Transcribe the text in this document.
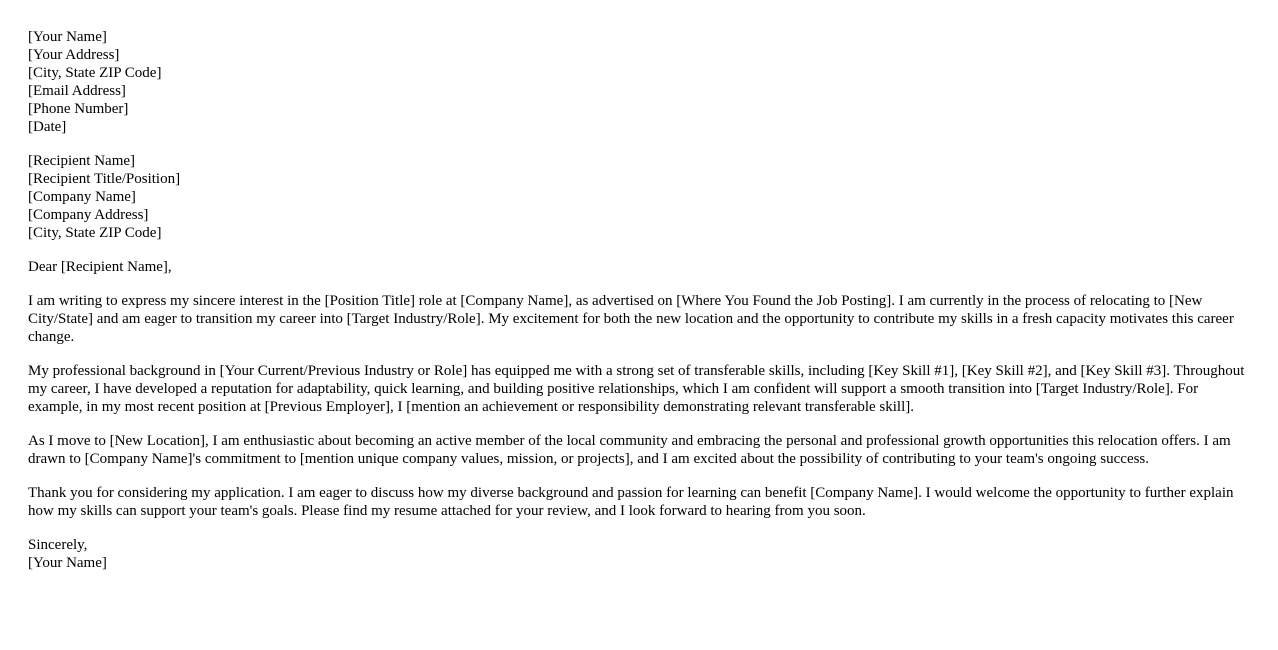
[Your Name]
[Your Address]
[City, State ZIP Code]
[Email Address]
[Phone Number]
[Date]
[Recipient Name]
[Recipient Title/Position]
[Company Name]
[Company Address]
[City, State ZIP Code]

Dear [Recipient Name],

I am writing to express my sincere interest in the [Position Title] role at [Company Name], as advertised on [Where You Found the Job Posting]. I am currently in the process of relocating to [New City/State] and am eager to transition my career into [Target Industry/Role]. My excitement for both the new location and the opportunity to contribute my skills in a fresh capacity motivates this career change.

My professional background in [Your Current/Previous Industry or Role] has equipped me with a strong set of transferable skills, including [Key Skill #1], [Key Skill #2], and [Key Skill #3]. Throughout my career, I have developed a reputation for adaptability, quick learning, and building positive relationships, which I am confident will support a smooth transition into [Target Industry/Role]. For example, in my most recent position at [Previous Employer], I [mention an achievement or responsibility demonstrating relevant transferable skill].

As I move to [New Location], I am enthusiastic about becoming an active member of the local community and embracing the personal and professional growth opportunities this relocation offers. I am drawn to [Company Name]'s commitment to [mention unique company values, mission, or projects], and I am excited about the possibility of contributing to your team's ongoing success.

Thank you for considering my application. I am eager to discuss how my diverse background and passion for learning can benefit [Company Name]. I would welcome the opportunity to further explain how my skills can support your team's goals. Please find my resume attached for your review, and I look forward to hearing from you soon.

Sincerely,
[Your Name]
